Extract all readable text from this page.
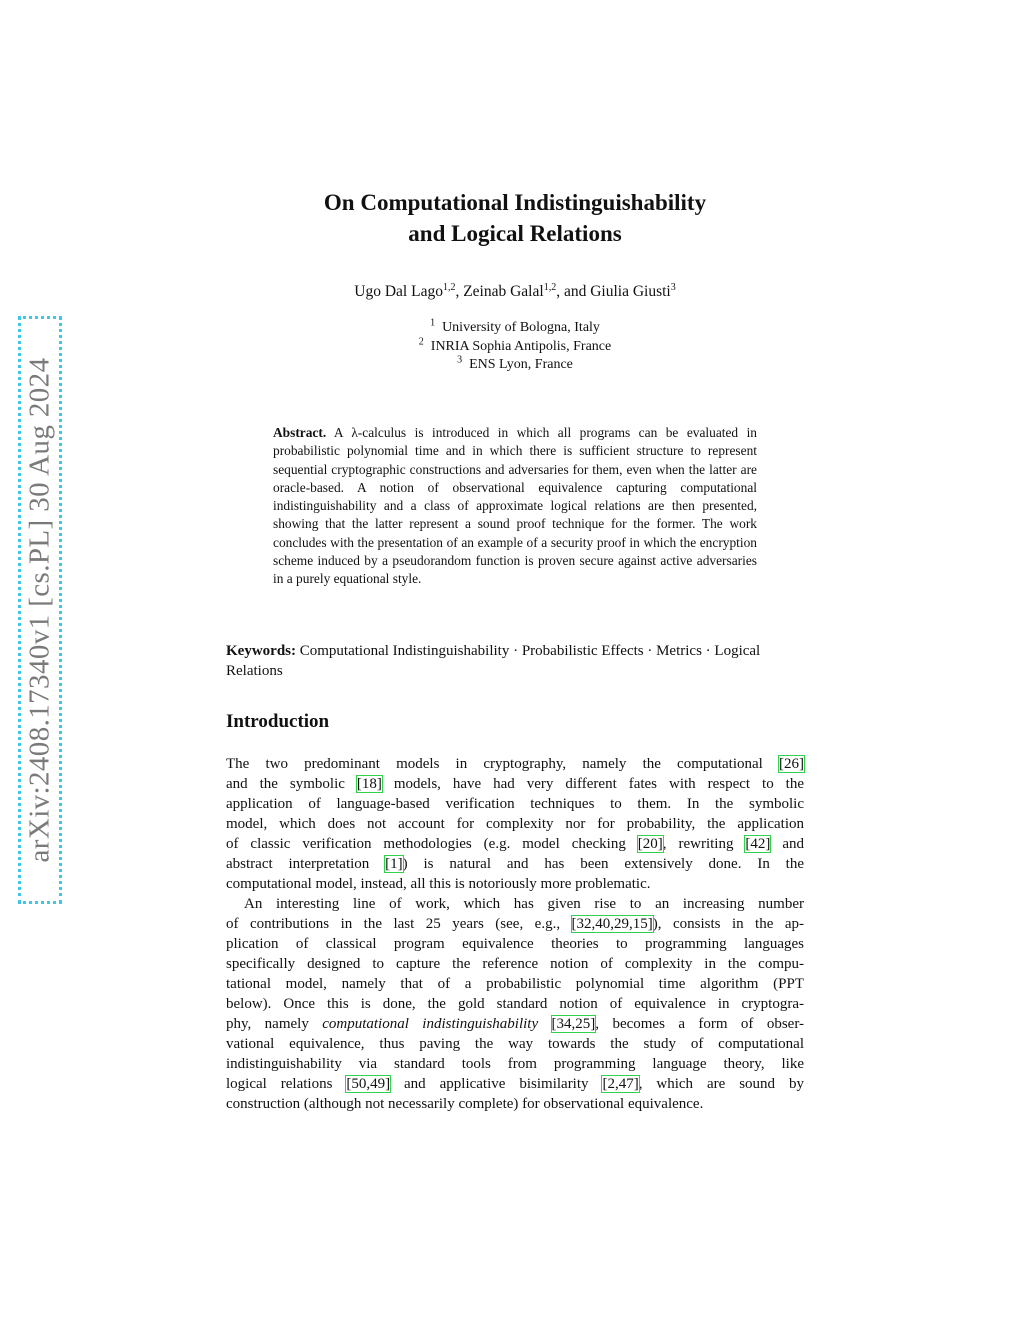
arXiv:2408.17340v1 [cs.PL] 30 Aug 2024
On Computational Indistinguishability
and Logical Relations
Ugo Dal Lago$^{1,2}$, Zeinab Galal$^{1,2}$, and Giulia Giusti$^3$
$^1$ University of Bologna, Italy
$^2$ INRIA Sophia Antipolis, France
$^3$ ENS Lyon, France
Abstract. A λ-calculus is introduced in which all programs can be evaluated in probabilistic polynomial time and in which there is sufficient structure to represent sequential cryptographic constructions and adversaries for them, even when the latter are oracle-based. A notion of observational equivalence capturing computational indistinguishability and a class of approximate logical relations are then presented, showing that the latter represent a sound proof technique for the former. The work concludes with the presentation of an example of a security proof in which the encryption scheme induced by a pseudorandom function is proven secure against active adversaries in a purely equational style.
Keywords: Computational Indistinguishability · Probabilistic Effects · Metrics · Logical Relations
Introduction
The two predominant models in cryptography, namely the computational [26]
and the symbolic [18] models, have had very different fates with respect to the
application of language-based verification techniques to them. In the symbolic
model, which does not account for complexity nor for probability, the application
of classic verification methodologies (e.g. model checking [20], rewriting [42] and
abstract interpretation [1]) is natural and has been extensively done. In the
computational model, instead, all this is notoriously more problematic.
An interesting line of work, which has given rise to an increasing number
of contributions in the last 25 years (see, e.g., [32,40,29,15]), consists in the ap-
plication of classical program equivalence theories to programming languages
specifically designed to capture the reference notion of complexity in the compu-
tational model, namely that of a probabilistic polynomial time algorithm (PPT
below). Once this is done, the gold standard notion of equivalence in cryptogra-
phy, namely computational indistinguishability [34,25], becomes a form of obser-
vational equivalence, thus paving the way towards the study of computational
indistinguishability via standard tools from programming language theory, like
logical relations [50,49] and applicative bisimilarity [2,47], which are sound by
construction (although not necessarily complete) for observational equivalence.
